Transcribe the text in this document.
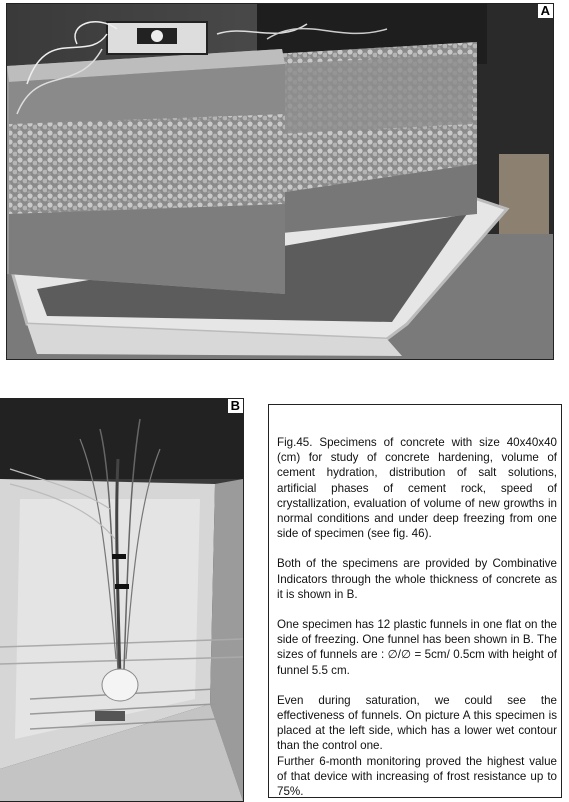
A
B

Fig.45. Specimens of concrete with size 40x40x40 (cm) for study of concrete hardening, volume of cement hydration, distribution of salt solutions, artificial phases of cement rock, speed of crystallization, evaluation of volume of new growths in normal conditions and under deep freezing from one side of specimen (see fig. 46).

Both of the specimens are provided by Combinative Indicators through the whole thickness of concrete as it is shown in B.

One specimen has 12 plastic funnels in one flat on the side of freezing. One funnel has been shown in B. The sizes of funnels are : ∅/∅ = 5cm/ 0.5cm with height of funnel 5.5 cm.

Even during saturation, we could see the effectiveness of funnels. On picture A this specimen is placed at the left side, which has a lower wet contour than the control one.

Further 6-month monitoring proved the highest value of that device with increasing of frost resistance up to 75%.
